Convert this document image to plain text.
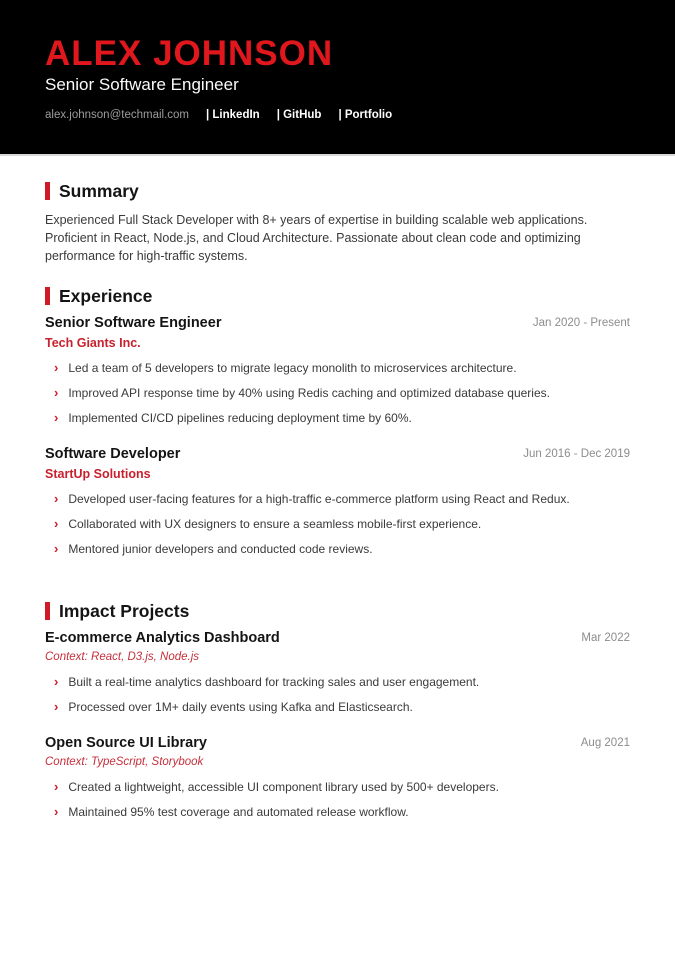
ALEX JOHNSON
Senior Software Engineer
alex.johnson@techmail.com | LinkedIn | GitHub | Portfolio
Summary

Experienced Full Stack Developer with 8+ years of expertise in building scalable web applications. Proficient in React, Node.js, and Cloud Architecture. Passionate about clean code and optimizing performance for high-traffic systems.

Experience
Senior Software Engineer	Jan 2020 - Present
Tech Giants Inc.
› Led a team of 5 developers to migrate legacy monolith to microservices architecture.
› Improved API response time by 40% using Redis caching and optimized database queries.
› Implemented CI/CD pipelines reducing deployment time by 60%.
Software Developer	Jun 2016 - Dec 2019
StartUp Solutions
› Developed user-facing features for a high-traffic e-commerce platform using React and Redux.
› Collaborated with UX designers to ensure a seamless mobile-first experience.
› Mentored junior developers and conducted code reviews.
Impact Projects
E-commerce Analytics Dashboard	Mar 2022
Context: React, D3.js, Node.js
› Built a real-time analytics dashboard for tracking sales and user engagement.
› Processed over 1M+ daily events using Kafka and Elasticsearch.
Open Source UI Library	Aug 2021
Context: TypeScript, Storybook
› Created a lightweight, accessible UI component library used by 500+ developers.
› Maintained 95% test coverage and automated release workflow.
